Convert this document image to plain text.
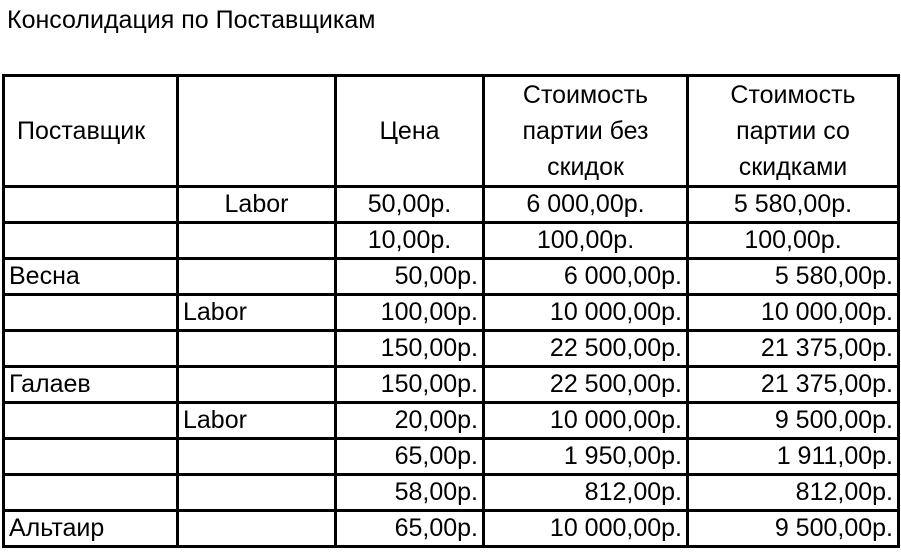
Консолидация по Поставщикам
Поставщик		Цена	Стоимость партии без скидок	Стоимость партии со скидками
	Labor	50,00р.	6 000,00р.	5 580,00р.
		10,00р.	100,00р.	100,00р.
Весна		50,00р.	6 000,00р.	5 580,00р.
	Labor	100,00р.	10 000,00р.	10 000,00р.
		150,00р.	22 500,00р.	21 375,00р.
Галаев		150,00р.	22 500,00р.	21 375,00р.
	Labor	20,00р.	10 000,00р.	9 500,00р.
		65,00р.	1 950,00р.	1 911,00р.
		58,00р.	812,00р.	812,00р.
Альтаир		65,00р.	10 000,00р.	9 500,00р.
